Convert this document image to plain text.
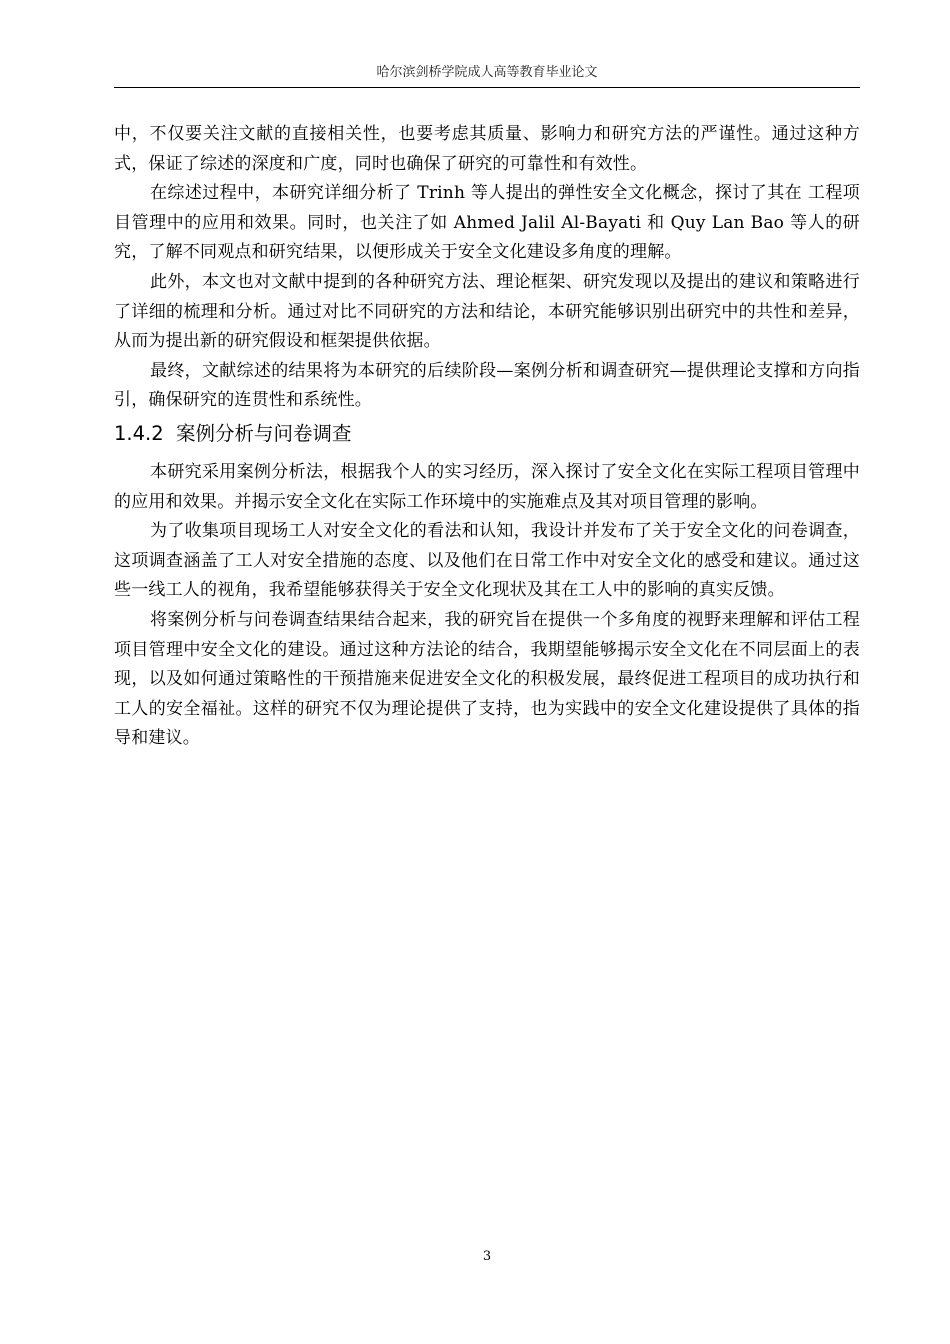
哈尔滨剑桥学院成人高等教育毕业论文

中，不仅要关注文献的直接相关性，也要考虑其质量、影响力和研究方法的严谨性。通过这种方式，保证了综述的深度和广度，同时也确保了研究的可靠性和有效性。

在综述过程中，本研究详细分析了 Trinh 等人提出的弹性安全文化概念，探讨了其在 工程项目管理中的应用和效果。同时，也关注了如 Ahmed Jalil Al-Bayati 和 Quy Lan Bao 等人的研究，了解不同观点和研究结果，以便形成关于安全文化建设多角度的理解。

此外，本文也对文献中提到的各种研究方法、理论框架、研究发现以及提出的建议和策略进行了详细的梳理和分析。通过对比不同研究的方法和结论，本研究能够识别出研究中的共性和差异，从而为提出新的研究假设和框架提供依据。

最终，文献综述的结果将为本研究的后续阶段—案例分析和调查研究—提供理论支撑和方向指引，确保研究的连贯性和系统性。

1.4.2 案例分析与问卷调查

本研究采用案例分析法，根据我个人的实习经历，深入探讨了安全文化在实际工程项目管理中的应用和效果。并揭示安全文化在实际工作环境中的实施难点及其对项目管理的影响。

为了收集项目现场工人对安全文化的看法和认知，我设计并发布了关于安全文化的问卷调查，这项调查涵盖了工人对安全措施的态度、以及他们在日常工作中对安全文化的感受和建议。通过这些一线工人的视角，我希望能够获得关于安全文化现状及其在工人中的影响的真实反馈。

将案例分析与问卷调查结果结合起来，我的研究旨在提供一个多角度的视野来理解和评估工程项目管理中安全文化的建设。通过这种方法论的结合，我期望能够揭示安全文化在不同层面上的表现，以及如何通过策略性的干预措施来促进安全文化的积极发展，最终促进工程项目的成功执行和工人的安全福祉。这样的研究不仅为理论提供了支持，也为实践中的安全文化建设提供了具体的指导和建议。

3
